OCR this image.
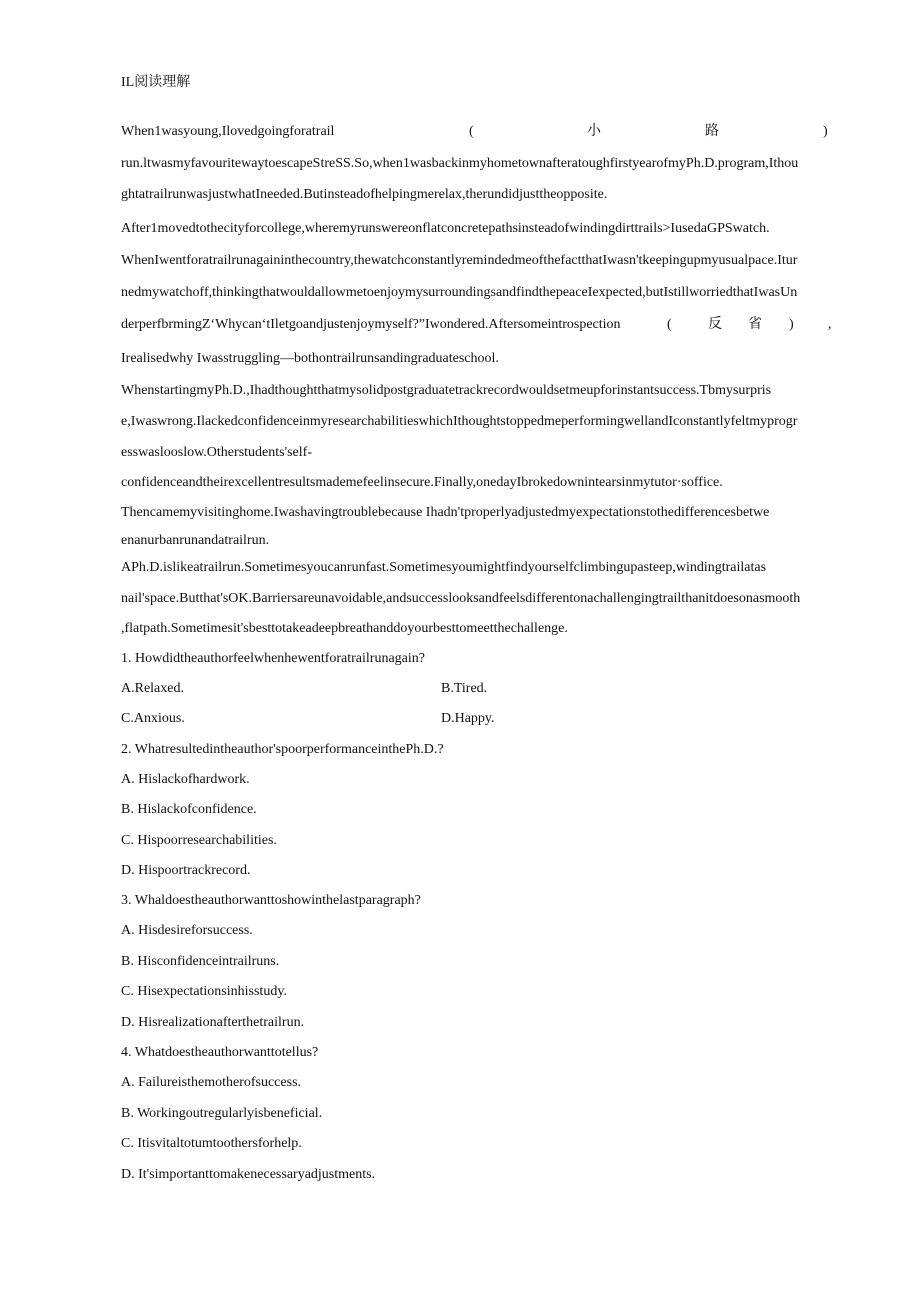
IL阅读理解
When1wasyoung,Ilovedgoingforatrail	(	小	路	)
run.ltwasmyfavouritewaytoescapeStreSS.So,when1wasbackinmyhometownafteratoughfirstyearofmyPh.D.program,Ithou
ghtatrailrunwasjustwhatIneeded.Butinsteadofhelpingmerelax,therundidjusttheopposite.
After1movedtothecityforcollege,wheremyrunswereonflatconcretepathsinsteadofwindingdirttrails>IusedaGPSwatch.
WhenIwentforatrailrunagaininthecountry,thewatchconstantlyremindedmeofthefactthatIwasn'tkeepingupmyusualpace.Itur
nedmywatchoff,thinkingthatwouldallowmetoenjoymysurroundingsandfindthepeaceIexpected,butIstillworriedthatIwasUn
derperfbrmingZ‘Whycan‘tIletgoandjustenjoymyself?”Iwondered.Aftersomeintrospection	(	反 省 ) ,
Irealisedwhy Iwasstruggling—bothontrailrunsandingraduateschool.
WhenstartingmyPh.D.,Ihadthoughtthatmysolidpostgraduatetrackrecordwouldsetmeupforinstantsuccess.Tbmysurpris
e,Iwaswrong.IlackedconfidenceinmyresearchabilitieswhichIthoughtstoppedmeperformingwellandIconstantlyfeltmyprogr
esswaslooslow.Otherstudents'self-
confidenceandtheirexcellentresultsmademefeelinsecure.Finally,onedayIbrokedownintearsinmytutor·soffice.
Thencamemyvisitinghome.Iwashavingtroublebecause Ihadn'tproperlyadjustedmyexpectationstothedifferencesbetwe
enanurbanrunandatrailrun.
APh.D.islikeatrailrun.Sometimesyoucanrunfast.Sometimesyoumightfindyourselfclimbingupasteep,windingtrailatas
nail'space.Butthat'sOK.Barriersareunavoidable,andsuccesslooksandfeelsdifferentonachallengingtrailthanitdoesonasmooth
,flatpath.Sometimesit'sbesttotakeadeepbreathanddoyourbesttomeetthechallenge.
1. Howdidtheauthorfeelwhenhewentforatrailrunagain?
A.Relaxed.	B.Tired.
C.Anxious.	D.Happy.
2. Whatresultedintheauthor'spoorperformanceinthePh.D.?
A. Hislackofhardwork.
B. Hislackofconfidence.
C. Hispoorresearchabilities.
D. Hispoortrackrecord.
3. Whaldoestheauthorwanttoshowinthelastparagraph?
A. Hisdesireforsuccess.
B. Hisconfidenceintrailruns.
C. Hisexpectationsinhisstudy.
D. Hisrealizationafterthetrailrun.
4. Whatdoestheauthorwanttotellus?
A. Failureisthemotherofsuccess.
B. Workingoutregularlyisbeneficial.
C. Itisvitaltotumtoothersforhelp.
D. It'simportanttomakenecessaryadjustments.
